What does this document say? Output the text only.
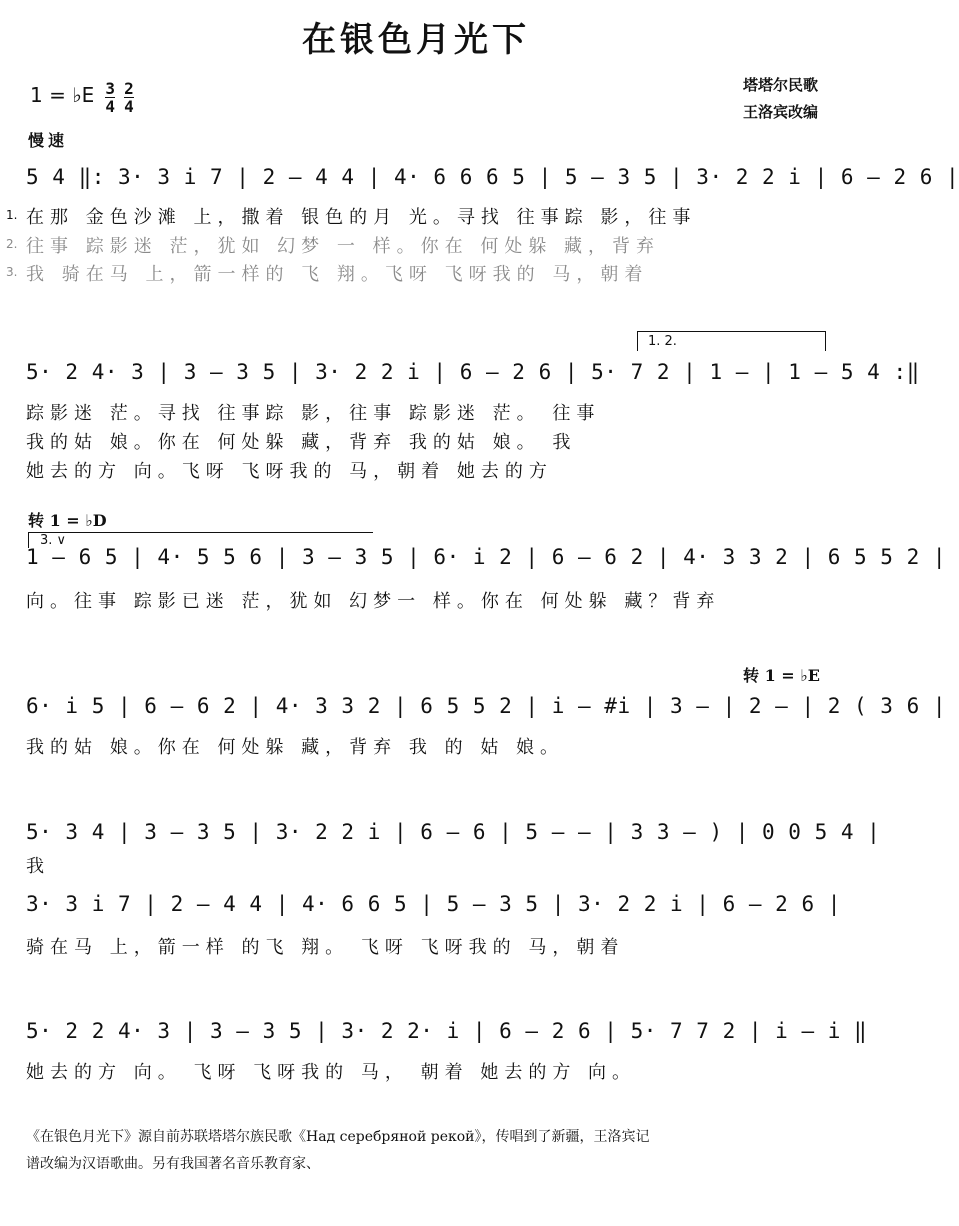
在银色月光下
塔塔尔民歌
王洛宾改编
1 = ♭E $\frac{3}{4} \frac{2}{4}$
慢速
5 4 ‖: 3· 3 i 7 | 2 – 4 4 | 4· 6 6 6 5 | 5 – 3 5 | 3· 2 2 i | 6 – 2 6 |
1.
2.
3.
在那 金色沙滩 上，撒着 银色的月 光。寻找 往事踪 影，往事
往事 踪影迷 茫，犹如 幻梦 一 样。你在 何处躲 藏，背弃
我 骑在马 上，箭一样的 飞 翔。飞呀 飞呀我的 马，朝着
1. 2.
5· 2 4· 3 | 3 – 3 5 | 3· 2 2 i | 6 – 2 6 | 5· 7 2 | 1 – | 1 – 5 4 :‖
踪影迷 茫。寻找 往事踪 影，往事 踪影迷 茫。 往事
我的姑 娘。你在 何处躲 藏，背弃 我的姑 娘。 我
她去的方 向。飞呀 飞呀我的 马，朝着 她去的方
转 1 = ♭D
3. ∨
1 – 6 5 | 4· 5 5 6 | 3 – 3 5 | 6· i 2 | 6 – 6 2 | 4· 3 3 2 | 6 5 5 2 |
向。往事 踪影已迷 茫，犹如 幻梦一 样。你在 何处躲 藏？背弃
转 1 = ♭E
6· i 5 | 6 – 6 2 | 4· 3 3 2 | 6 5 5 2 | i – #i | 3 – | 2 – | 2 ( 3 6 |
我的姑 娘。你在 何处躲 藏，背弃 我 的 姑 娘。
5· 3 4 | 3 – 3 5 | 3· 2 2 i | 6 – 6 | 5 – – | 3 3 – ) | 0 0 5 4 |
我
3· 3 i 7 | 2 – 4 4 | 4· 6 6 5 | 5 – 3 5 | 3· 2 2 i | 6 – 2 6 |
骑在马 上，箭一样 的飞 翔。 飞呀 飞呀我的 马，朝着
5· 2 2 4· 3 | 3 – 3 5 | 3· 2 2· i | 6 – 2 6 | 5· 7 7 2 | i – i ‖
她去的方 向。 飞呀 飞呀我的 马， 朝着 她去的方 向。
《在银色月光下》源自前苏联塔塔尔族民歌《Над серебряной рекой》，传唱到了新疆，王洛宾记
谱改编为汉语歌曲。另有我国著名音乐教育家、
